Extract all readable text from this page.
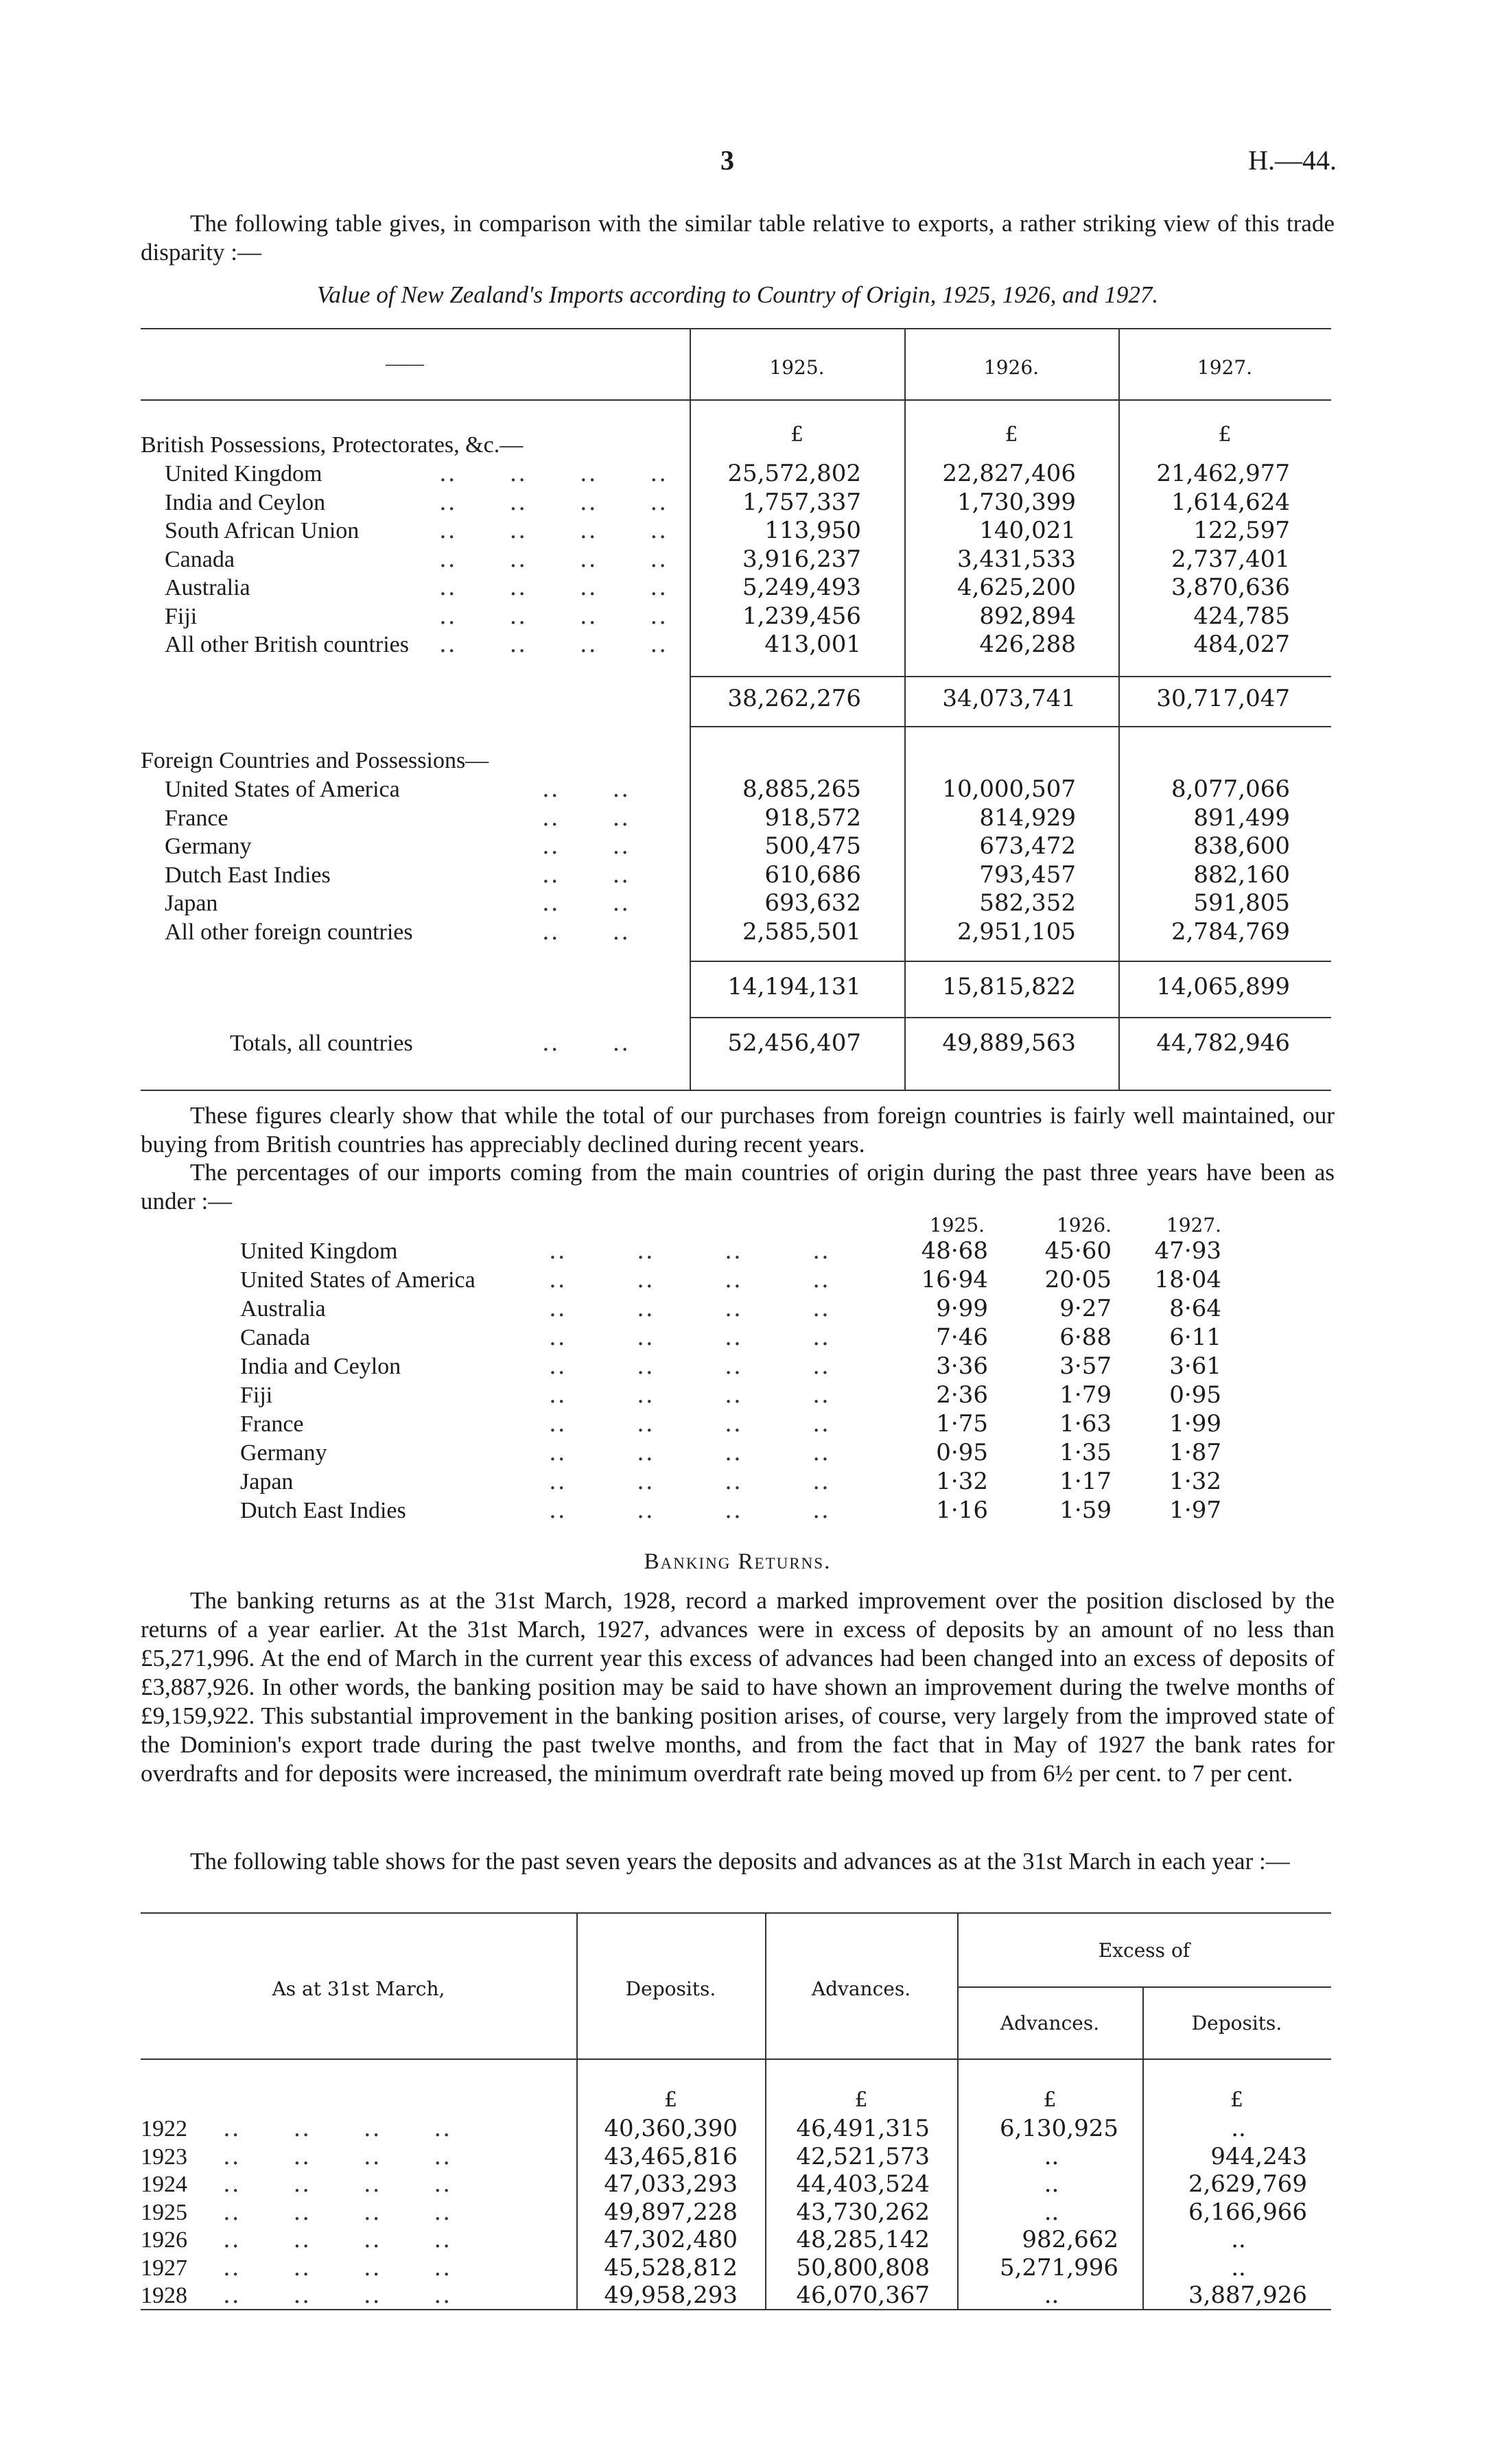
3	H.—44.
The following table gives, in comparison with the similar table relative to exports, a rather striking view of this trade disparity :—
Value of New Zealand's Imports according to Country of Origin, 1925, 1926, and 1927.
——	1925.	1926.	1927.
£	£	£
British Possessions, Protectorates, &c.—
United Kingdom	..      ..      ..      ..	25,572,802	22,827,406	21,462,977
India and Ceylon	..      ..      ..      ..	1,757,337	1,730,399	1,614,624
South African Union	..      ..      ..      ..	113,950	140,021	122,597
Canada	..      ..      ..      ..	3,916,237	3,431,533	2,737,401
Australia	..      ..      ..      ..	5,249,493	4,625,200	3,870,636
Fiji	..      ..      ..      ..	1,239,456	892,894	424,785
All other British countries ..      ..      ..      ..	413,001	426,288	484,027
38,262,276	34,073,741	30,717,047
Foreign Countries and Possessions—
United States of America	..      ..	8,885,265	10,000,507	8,077,066
France	..      ..	918,572	814,929	891,499
Germany	..      ..	500,475	673,472	838,600
Dutch East Indies	..      ..	610,686	793,457	882,160
Japan	..      ..	693,632	582,352	591,805
All other foreign countries	..      ..	2,585,501	2,951,105	2,784,769
14,194,131	15,815,822	14,065,899
Totals, all countries	..      ..	52,456,407	49,889,563	44,782,946
These figures clearly show that while the total of our purchases from foreign countries is fairly well maintained, our buying from British countries has appreciably declined during recent years.
The percentages of our imports coming from the main countries of origin during the past three years have been as under :—
1925.	1926.	1927.
United Kingdom	..        ..        ..        ..	48·68	45·60	47·93
United States of America	..        ..        ..        ..	16·94	20·05	18·04
Australia	..        ..        ..        ..	9·99	9·27	8·64
Canada	..        ..        ..        ..	7·46	6·88	6·11
India and Ceylon	..        ..        ..        ..	3·36	3·57	3·61
Fiji	..        ..        ..        ..	2·36	1·79	0·95
France	..        ..        ..        ..	1·75	1·63	1·99
Germany	..        ..        ..        ..	0·95	1·35	1·87
Japan	..        ..        ..        ..	1·32	1·17	1·32
Dutch East Indies	..        ..        ..        ..	1·16	1·59	1·97
Banking Returns.
The banking returns as at the 31st March, 1928, record a marked improvement over the position disclosed by the returns of a year earlier. At the 31st March, 1927, advances were in excess of deposits by an amount of no less than £5,271,996. At the end of March in the current year this excess of advances had been changed into an excess of deposits of £3,887,926. In other words, the banking position may be said to have shown an improvement during the twelve months of £9,159,922. This substantial improvement in the banking position arises, of course, very largely from the improved state of the Dominion's export trade during the past twelve months, and from the fact that in May of 1927 the bank rates for overdrafts and for deposits were increased, the minimum overdraft rate being moved up from 6½ per cent. to 7 per cent.
The following table shows for the past seven years the deposits and advances as at the 31st March in each year :—
As at 31st March,	Deposits.	Advances.
Excess of
Advances.	Deposits.
£	£	£	£
1922 ..      ..      ..      ..	40,360,390	46,491,315	6,130,925	..
1923 ..      ..      ..      ..	43,465,816	42,521,573	..	944,243
1924 ..      ..      ..      ..	47,033,293	44,403,524	..	2,629,769
1925 ..      ..      ..      ..	49,897,228	43,730,262	..	6,166,966
1926 ..      ..      ..      ..	47,302,480	48,285,142	982,662	..
1927 ..      ..      ..      ..	45,528,812	50,800,808	5,271,996	..
1928 ..      ..      ..      ..	49,958,293	46,070,367	..	3,887,926
